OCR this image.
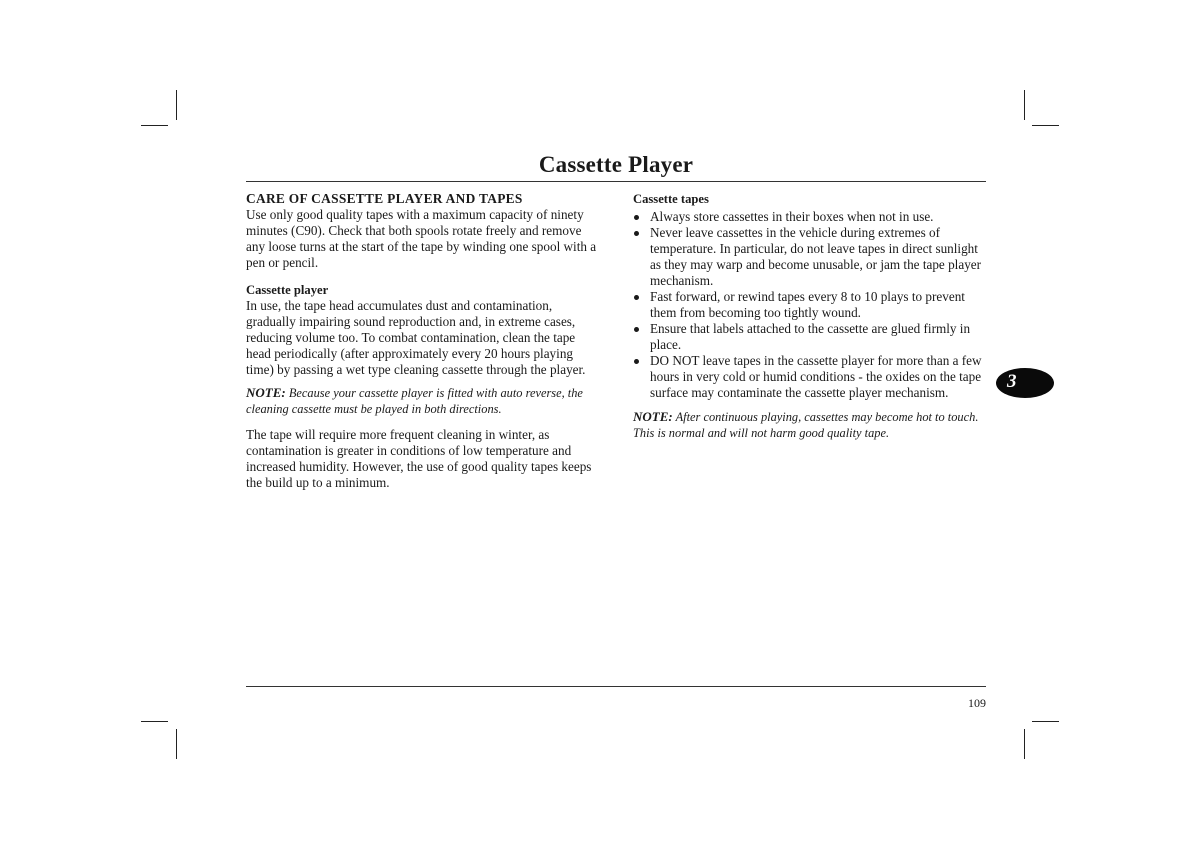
Cassette Player
CARE OF CASSETTE PLAYER AND TAPES

Use only good quality tapes with a maximum capacity of ninety minutes (C90). Check that both spools rotate freely and remove any loose turns at the start of the tape by winding one spool with a pen or pencil.

Cassette player

In use, the tape head accumulates dust and contamination, gradually impairing sound reproduction and, in extreme cases, reducing volume too. To combat contamination, clean the tape head periodically (after approximately every 20 hours playing time) by passing a wet type cleaning cassette through the player.

NOTE: Because your cassette player is fitted with auto reverse, the cleaning cassette must be played in both directions.

The tape will require more frequent cleaning in winter, as contamination is greater in conditions of low temperature and increased humidity. However, the use of good quality tapes keeps the build up to a minimum.

Cassette tapes
Always store cassettes in their boxes when not in use.
Never leave cassettes in the vehicle during extremes of temperature. In particular, do not leave tapes in direct sunlight as they may warp and become unusable, or jam the tape player mechanism.
Fast forward, or rewind tapes every 8 to 10 plays to prevent them from becoming too tightly wound.
Ensure that labels attached to the cassette are glued firmly in place.
DO NOT leave tapes in the cassette player for more than a few hours in very cold or humid conditions - the oxides on the tape surface may contaminate the cassette player mechanism.

NOTE: After continuous playing, cassettes may become hot to touch. This is normal and will not harm good quality tape.

3
109
